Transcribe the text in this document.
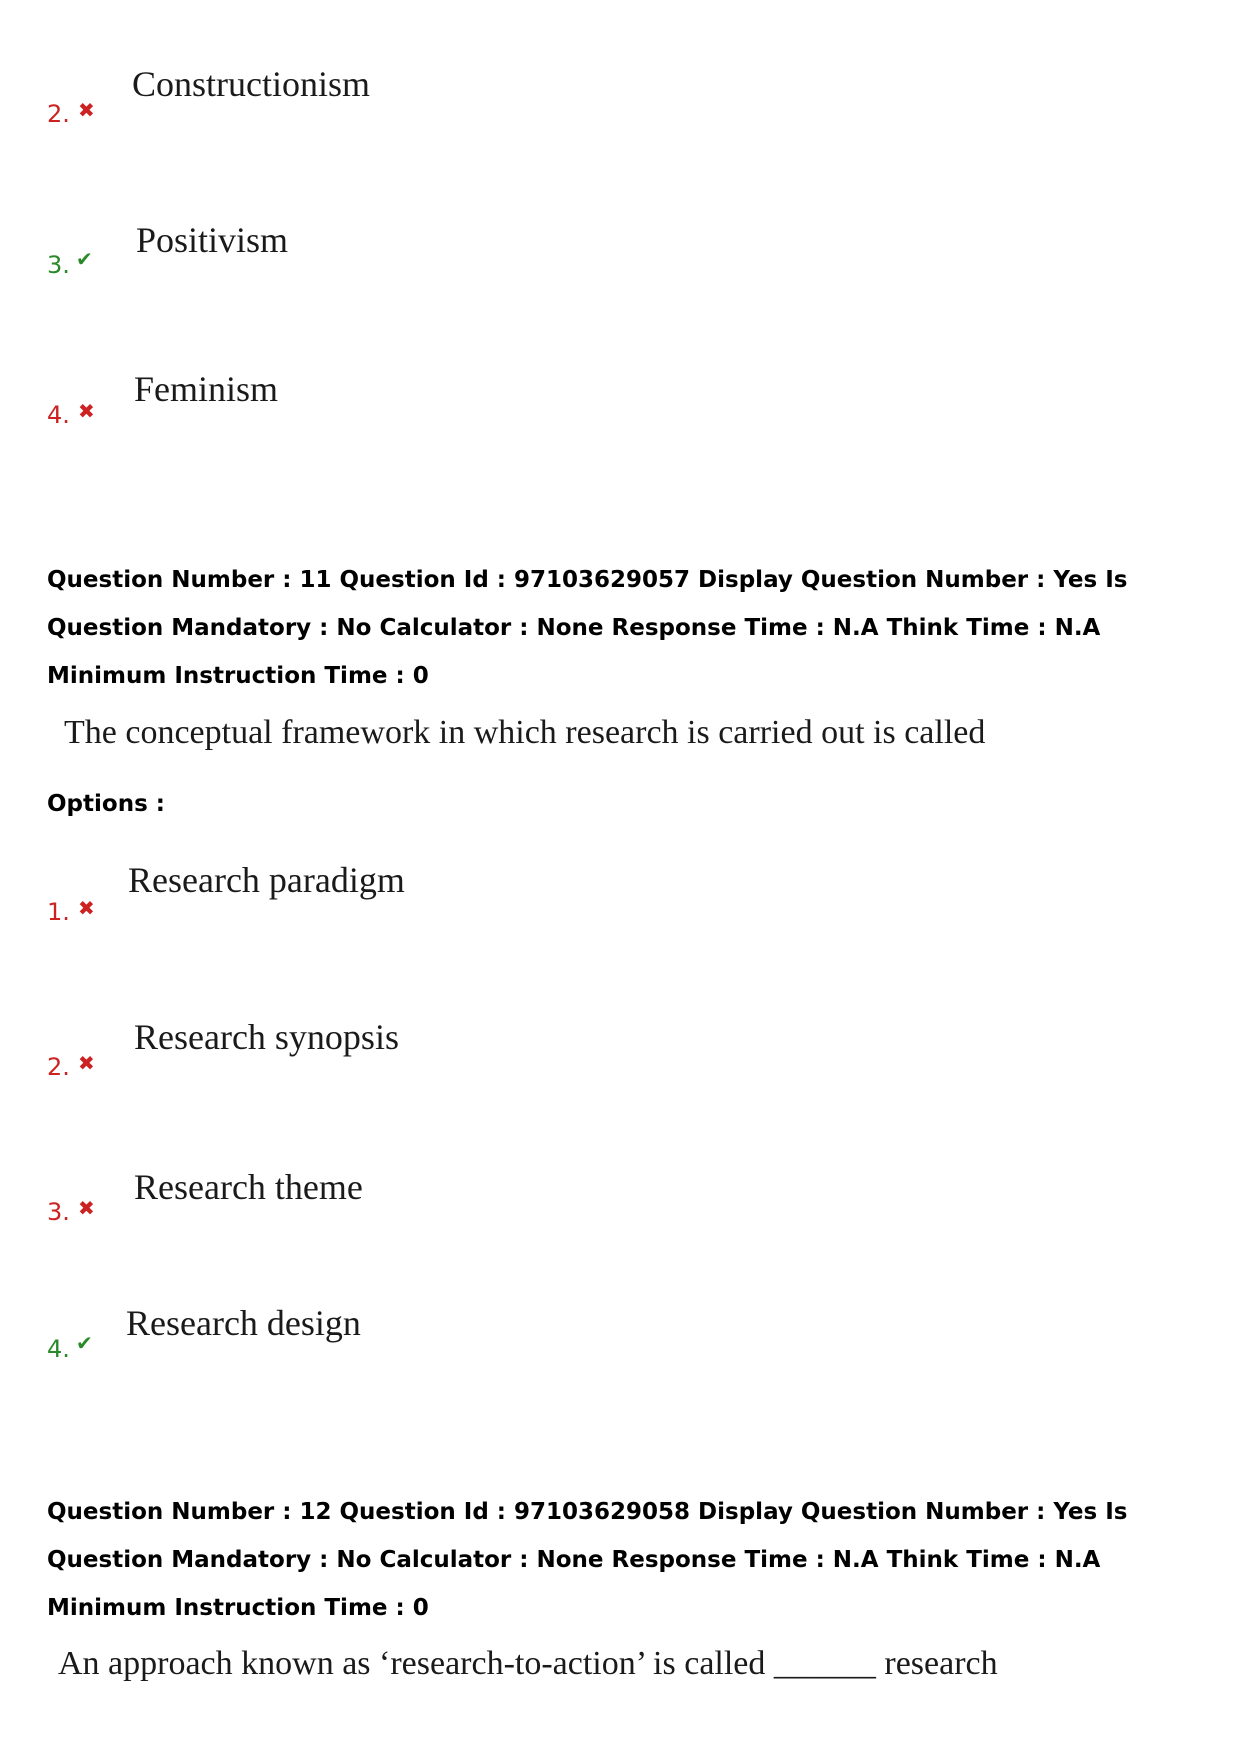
2. ✖
Constructionism
3. ✔ Positivism
4. ✖
Feminism
Question Number : 11 Question Id : 97103629057 Display Question Number : Yes Is Question Mandatory : No Calculator : None Response Time : N.A Think Time : N.A Minimum Instruction Time : 0
The conceptual framework in which research is carried out is called
Options :
1. ✖
Research paradigm
2. ✖
Research synopsis
3. ✖
Research theme
4. ✔ Research design
Question Number : 12 Question Id : 97103629058 Display Question Number : Yes Is Question Mandatory : No Calculator : None Response Time : N.A Think Time : N.A Minimum Instruction Time : 0
An approach known as ‘research-to-action’ is called ______ research
